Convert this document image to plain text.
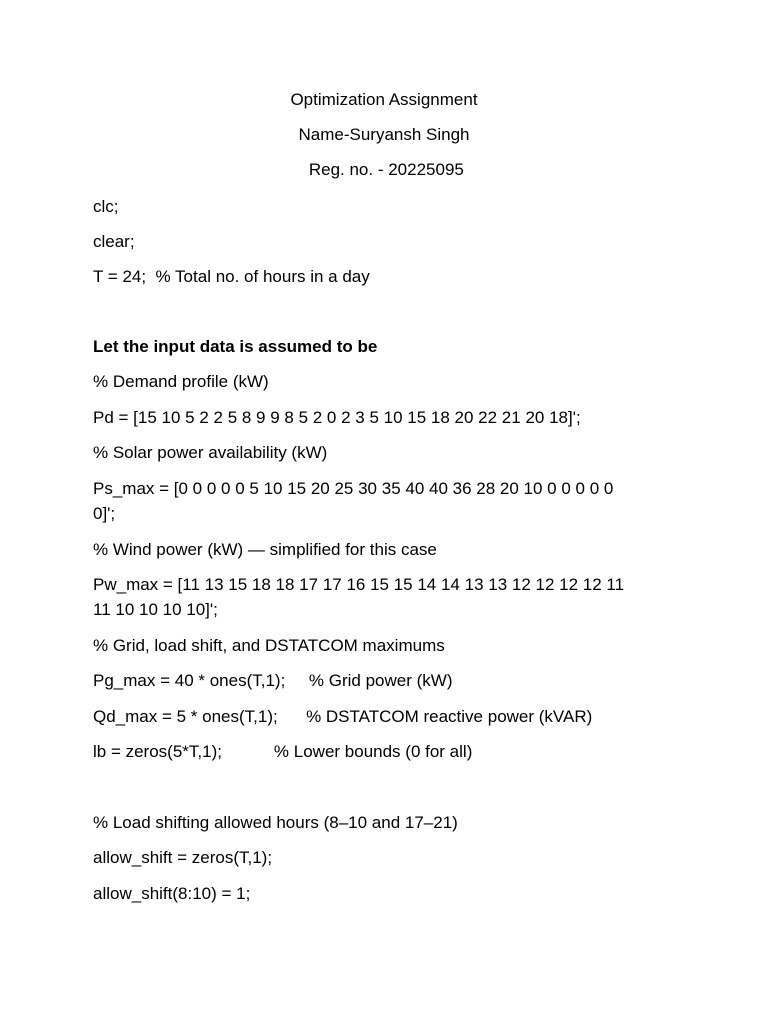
Optimization Assignment
Name-Suryansh Singh
Reg. no. - 20225095
clc;
clear;
T = 24;  % Total no. of hours in a day
Let the input data is assumed to be
% Demand profile (kW)
Pd = [15 10 5 2 2 5 8 9 9 8 5 2 0 2 3 5 10 15 18 20 22 21 20 18]';
% Solar power availability (kW)
Ps_max = [0 0 0 0 0 5 10 15 20 25 30 35 40 40 36 28 20 10 0 0 0 0 0
0]';
% Wind power (kW) — simplified for this case
Pw_max = [11 13 15 18 18 17 17 16 15 15 14 14 13 13 12 12 12 12 11
11 10 10 10 10]';
% Grid, load shift, and DSTATCOM maximums
Pg_max = 40 * ones(T,1);     % Grid power (kW)
Qd_max = 5 * ones(T,1);      % DSTATCOM reactive power (kVAR)
lb = zeros(5*T,1);           % Lower bounds (0 for all)
% Load shifting allowed hours (8–10 and 17–21)
allow_shift = zeros(T,1);
allow_shift(8:10) = 1;
